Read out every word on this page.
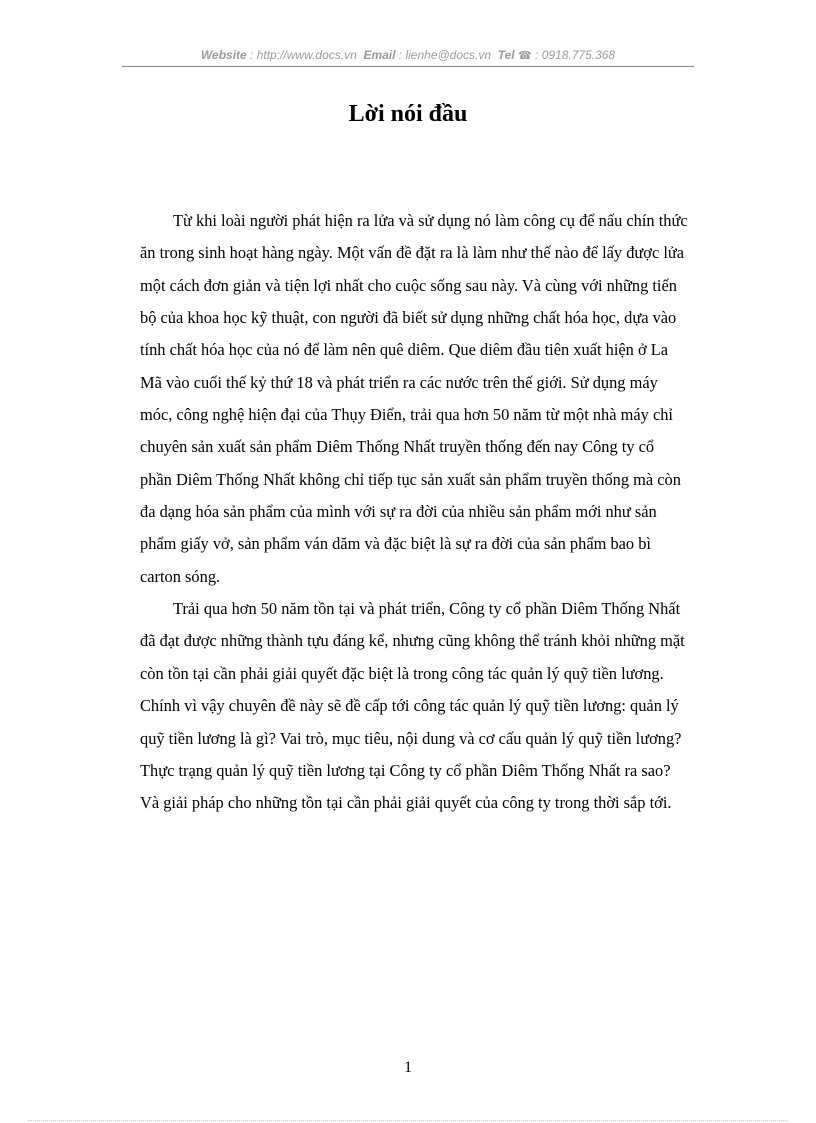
Website : http://www.docs.vn Email : lienhe@docs.vn Tel ☎ : 0918.775.368
Lời nói đầu

Từ khi loài người phát hiện ra lửa và sử dụng nó làm công cụ để nấu chín thức ăn trong sinh hoạt hàng ngày. Một vấn đề đặt ra là làm như thế nào để lấy được lửa một cách đơn giản và tiện lợi nhất cho cuộc sống sau này. Và cùng với những tiến bộ của khoa học kỹ thuật, con người đã biết sử dụng những chất hóa học, dựa vào tính chất hóa học của nó để làm nên quê diêm. Que diêm đầu tiên xuất hiện ở La Mã vào cuối thế kỷ thứ 18 và phát triển ra các nước trên thế giới. Sử dụng máy móc, công nghệ hiện đại của Thụy Điển, trải qua hơn 50 năm từ một nhà máy chỉ chuyên sản xuất sản phẩm Diêm Thống Nhất truyền thống đến nay Công ty cổ phần Diêm Thống Nhất không chỉ tiếp tục sản xuất sản phẩm truyền thống mà còn đa dạng hóa sản phẩm của mình với sự ra đời của nhiều sản phẩm mới như sản phẩm giấy vở, sản phẩm ván dăm và đặc biệt là sự ra đời của sản phẩm bao bì carton sóng.

Trải qua hơn 50 năm tồn tại và phát triển, Công ty cổ phần Diêm Thống Nhất đã đạt được những thành tựu đáng kể, nhưng cũng không thể tránh khỏi những mặt còn tồn tại cần phải giải quyết đặc biệt là trong công tác quản lý quỹ tiền lương. Chính vì vậy chuyên đề này sẽ đề cấp tới công tác quản lý quỹ tiền lương: quản lý quỹ tiền lương là gì? Vai trò, mục tiêu, nội dung và cơ cấu quản lý quỹ tiền lương? Thực trạng quản lý quỹ tiền lương tại Công ty cổ phần Diêm Thống Nhất ra sao? Và giải pháp cho những tồn tại cần phải giải quyết của công ty trong thời sắp tới.

1
